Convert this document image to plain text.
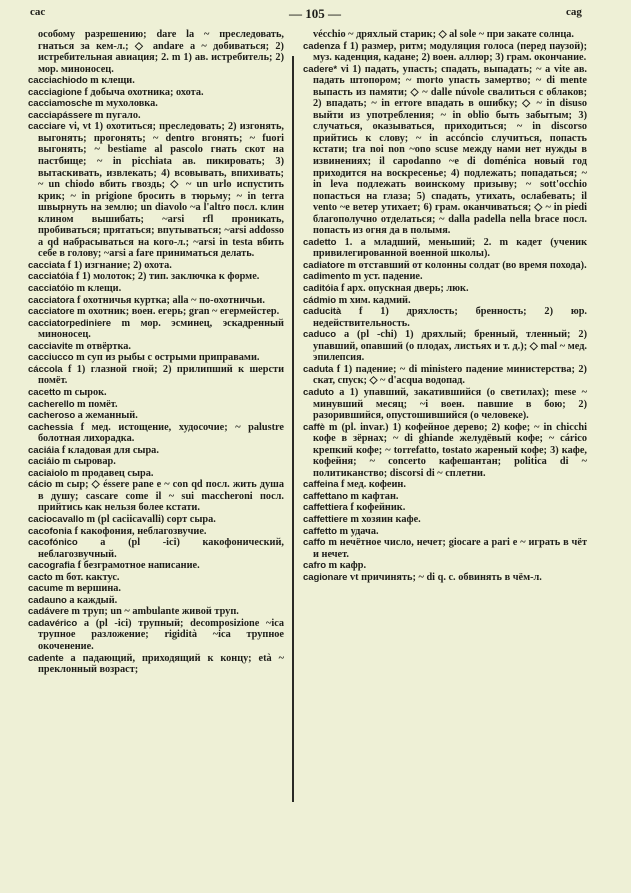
cac	— 105 —	cag
особому разрешению; dare la ~ преследовать, гнаться за кем-л.; ◇ andare a ~ добиваться; 2) истребительная авиация; 2. m 1) ав. истребитель; 2) мор. миноносец.
cacciachiodo m клещи.
cacciagione f добыча охотника; охота.
cacciamosche m мухоловка.
cacciapássere m пугало.
cacciare vi, vt 1) охотиться; преследовать; 2) изгонять, выгонять; прогонять; ~ dentro вгонять; ~ fuori выгонять; ~ bestiame al pascolo гнать скот на пастбище; ~ in picchiata ав. пикировать; 3) вытаскивать, извлекать; 4) всовывать, впихивать; ~ un chiodo вбить гвоздь; ◇ ~ un urlo испустить крик; ~ in prigione бросить в тюрьму; ~ in terra швырнуть на землю; un diavolo ~a l'altro посл. клин клином вышибать; ~arsi rfl проникать, пробиваться; прятаться; впутываться; ~arsi addosso a qd набрасываться на кого-л.; ~arsi in testa вбить себе в голову; ~arsi a fare приниматься делать.
cacciata f 1) изгнание; 2) охота.
cacciatóia f 1) молоток; 2) тип. заключка к форме.
cacciatóio m клещи.
cacciatora f охотничья куртка; alla ~ по-охотничьи.
cacciatore m охотник; воен. егерь; gran ~ егермейстер.
cacciatorpediniere m мор. эсминец, эскадренный миноносец.
cacciavite m отвёртка.
cacciucco m суп из рыбы с острыми приправами.
cáccola f 1) глазной гной; 2) прилипший к шерсти помёт.
cacetto m сырок.
cacherello m помёт.
cacheroso a жеманный.
cachessia f мед. истощение, худосочие; ~ palustre болотная лихорадка.
caciáia f кладовая для сыра.
caciáio m сыровар.
caciaiolo m продавец сыра.
cácio m сыр; ◇ éssere pane e ~ con qd посл. жить душа в душу; cascare come il ~ sui maccheroni посл. прийтись как нельзя более кстати.
caciocavallo m (pl caciicavalli) сорт сыра.
cacofonia f какофония, неблагозвучие.
cacofónico a (pl -ici) какофонический, неблагозвучный.
cacografia f безграмотное написание.
cacto m бот. кактус.
cacume m вершина.
cadauno a каждый.
cadávere m труп; un ~ ambulante живой труп.
cadavérico a (pl -ici) трупный; decomposizione ~ica трупное разложение; rigidità ~ica трупное окоченение.
cadente a падающий, приходящий к концу; età ~ преклонный возраст;
vécchio ~ дряхлый старик; ◇ al sole ~ при закате солнца.
cadenza f 1) размер, ритм; модуляция голоса (перед паузой); муз. каденция, кадане; 2) воен. аллюр; 3) грам. окончание.
cadere* vi 1) падать, упасть; спадать, выпадать; ~ a vite ав. падать штопором; ~ morto упасть замертво; ~ di mente выпасть из памяти; ◇ ~ dalle núvole свалиться с облаков; 2) впадать; ~ in errore впадать в ошибку; ◇ ~ in disuso выйти из употребления; ~ in oblio быть забытым; 3) случаться, оказываться, приходиться; ~ in discorso прийтись к слову; ~ in accóncio случиться, попасть кстати; tra noi non ~ono scuse между нами нет нужды в извинениях; il capodanno ~e di doménica новый год приходится на воскресенье; 4) подлежать; попадаться; ~ in leva подлежать воинскому призыву; ~ sott'occhio попасться на глаза; 5) спадать, утихать, ослабевать; il vento ~e ветер утихает; 6) грам. оканчиваться; ◇ ~ in piedi благополучно отделаться; ~ dalla padella nella brace посл. попасть из огня да в полымя.
cadetto 1. a младший, меньший; 2. m кадет (ученик привилегированной военной школы).
cadiatore m отставший от колонны солдат (во время похода).
cadimento m уст. падение.
caditóia f арх. опускная дверь; люк.
cádmio m хим. кадмий.
caducità f 1) дряхлость; бренность; 2) юр. недействительность.
caduco a (pl -chi) 1) дряхлый; бренный, тленный; 2) упавший, опавший (о плодах, листьях и т. д.); ◇ mal ~ мед. эпилепсия.
caduta f 1) падение; ~ di ministero падение министерства; 2) скат, спуск; ◇ ~ d'acqua водопад.
caduto a 1) упавший, закатившийся (о светилах); mese ~ минувший месяц; ~i воен. павшие в бою; 2) разорившийся, опустошившийся (о человеке).
caffè m (pl. invar.) 1) кофейное дерево; 2) кофе; ~ in chicchi кофе в зёрнах; ~ di ghiande желудёвый кофе; ~ cárico крепкий кофе; ~ torrefatto, tostato жареный кофе; 3) кафе, кофейня; ~ concerto кафешантан; politica di ~ политиканство; discorsi di ~ сплетни.
caffeina f мед. кофеин.
caffettano m кафтан.
caffettiera f кофейник.
caffettiere m хозяин кафе.
caffetto m удача.
caffo m нечётное число, нечет; giocare a pari e ~ играть в чёт и нечет.
cafro m кафр.
cagionare vt причинять; ~ di q. c. обвинять в чём-л.
